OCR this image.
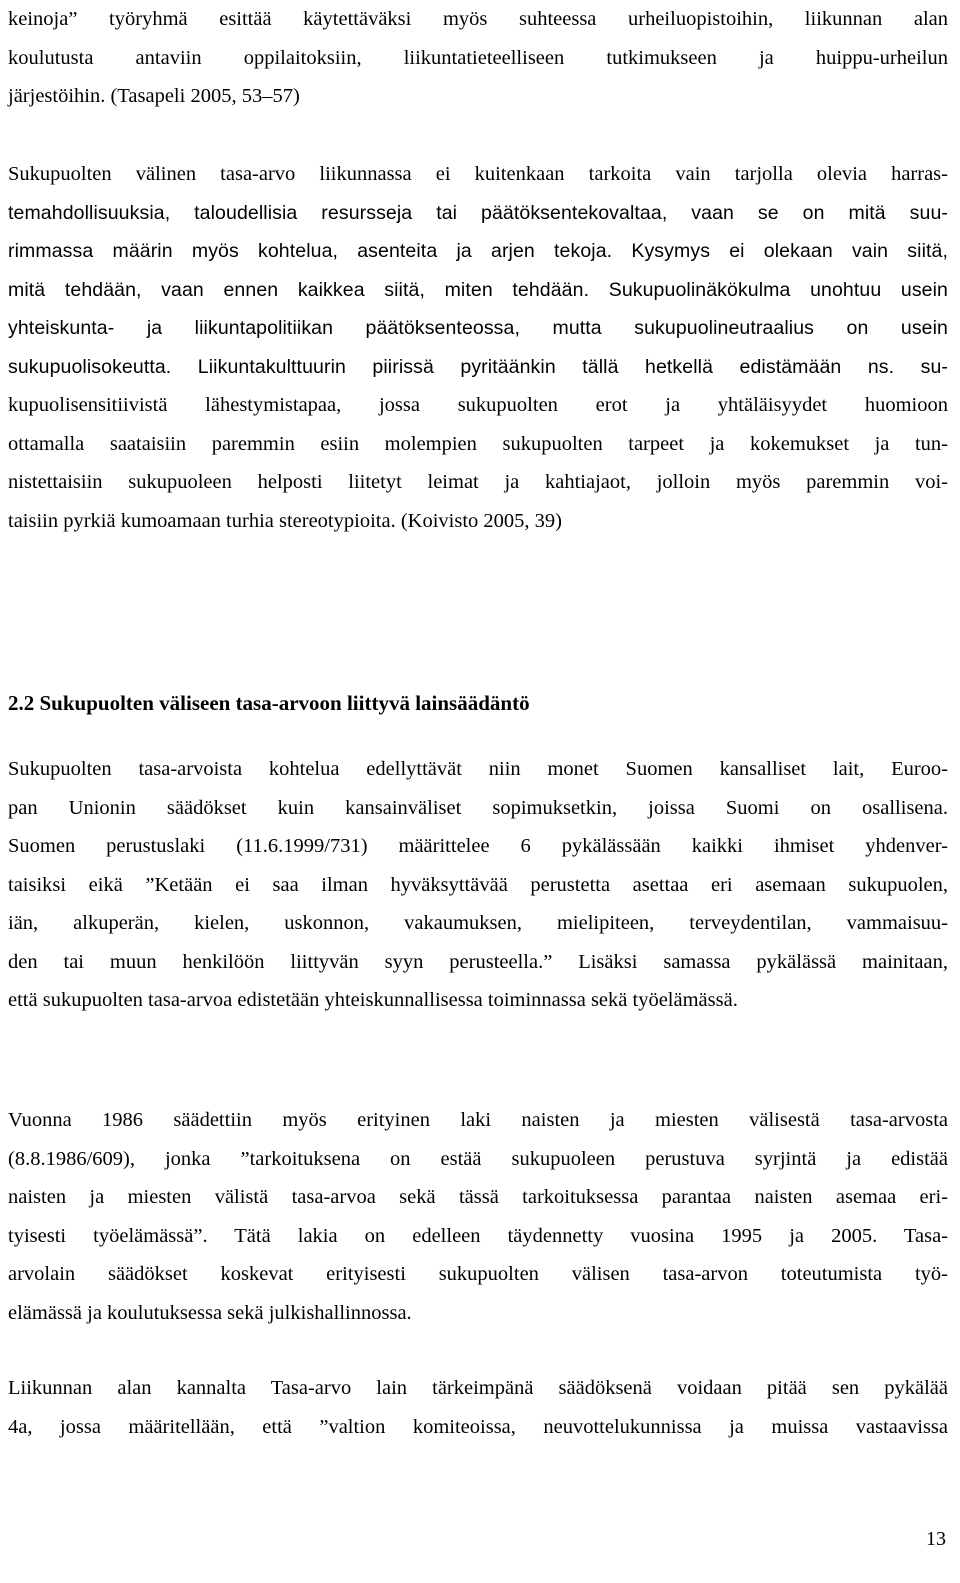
keinoja” työryhmä esittää käytettäväksi myös suhteessa urheiluopistoihin, liikunnan alan
koulutusta antaviin oppilaitoksiin, liikuntatieteelliseen tutkimukseen ja huippu-urheilun
järjestöihin. (Tasapeli 2005, 53–57)
Sukupuolten välinen tasa-arvo liikunnassa ei kuitenkaan tarkoita vain tarjolla olevia harras-
temahdollisuuksia, taloudellisia resursseja tai päätöksentekovaltaa, vaan se on mitä suu-
rimmassa määrin myös kohtelua, asenteita ja arjen tekoja. Kysymys ei olekaan vain siitä,
mitä tehdään, vaan ennen kaikkea siitä, miten tehdään. Sukupuolinäkökulma unohtuu usein
yhteiskunta- ja liikuntapolitiikan päätöksenteossa, mutta sukupuolineutraalius on usein
sukupuolisokeutta. Liikuntakulttuurin piirissä pyritäänkin tällä hetkellä edistämään ns. su-
kupuolisensitiivistä lähestymistapaa, jossa sukupuolten erot ja yhtäläisyydet huomioon
ottamalla saataisiin paremmin esiin molempien sukupuolten tarpeet ja kokemukset ja tun-
nistettaisiin sukupuoleen helposti liitetyt leimat ja kahtiajaot, jolloin myös paremmin voi-
taisiin pyrkiä kumoamaan turhia stereotypioita. (Koivisto 2005, 39)
2.2 Sukupuolten väliseen tasa-arvoon liittyvä lainsäädäntö
Sukupuolten tasa-arvoista kohtelua edellyttävät niin monet Suomen kansalliset lait, Euroo-
pan Unionin säädökset kuin kansainväliset sopimuksetkin, joissa Suomi on osallisena.
Suomen perustuslaki (11.6.1999/731) määrittelee 6 pykälässään kaikki ihmiset yhdenver-
taisiksi eikä ”Ketään ei saa ilman hyväksyttävää perustetta asettaa eri asemaan sukupuolen,
iän, alkuperän, kielen, uskonnon, vakaumuksen, mielipiteen, terveydentilan, vammaisuu-
den tai muun henkilöön liittyvän syyn perusteella.” Lisäksi samassa pykälässä mainitaan,
että sukupuolten tasa-arvoa edistetään yhteiskunnallisessa toiminnassa sekä työelämässä.
Vuonna 1986 säädettiin myös erityinen laki naisten ja miesten välisestä tasa-arvosta
(8.8.1986/609), jonka ”tarkoituksena on estää sukupuoleen perustuva syrjintä ja edistää
naisten ja miesten välistä tasa-arvoa sekä tässä tarkoituksessa parantaa naisten asemaa eri-
tyisesti työelämässä”. Tätä lakia on edelleen täydennetty vuosina 1995 ja 2005. Tasa-
arvolain säädökset koskevat erityisesti sukupuolten välisen tasa-arvon toteutumista työ-
elämässä ja koulutuksessa sekä julkishallinnossa.
Liikunnan alan kannalta Tasa-arvo lain tärkeimpänä säädöksenä voidaan pitää sen pykälää
4a, jossa määritellään, että ”valtion komiteoissa, neuvottelukunnissa ja muissa vastaavissa
13
